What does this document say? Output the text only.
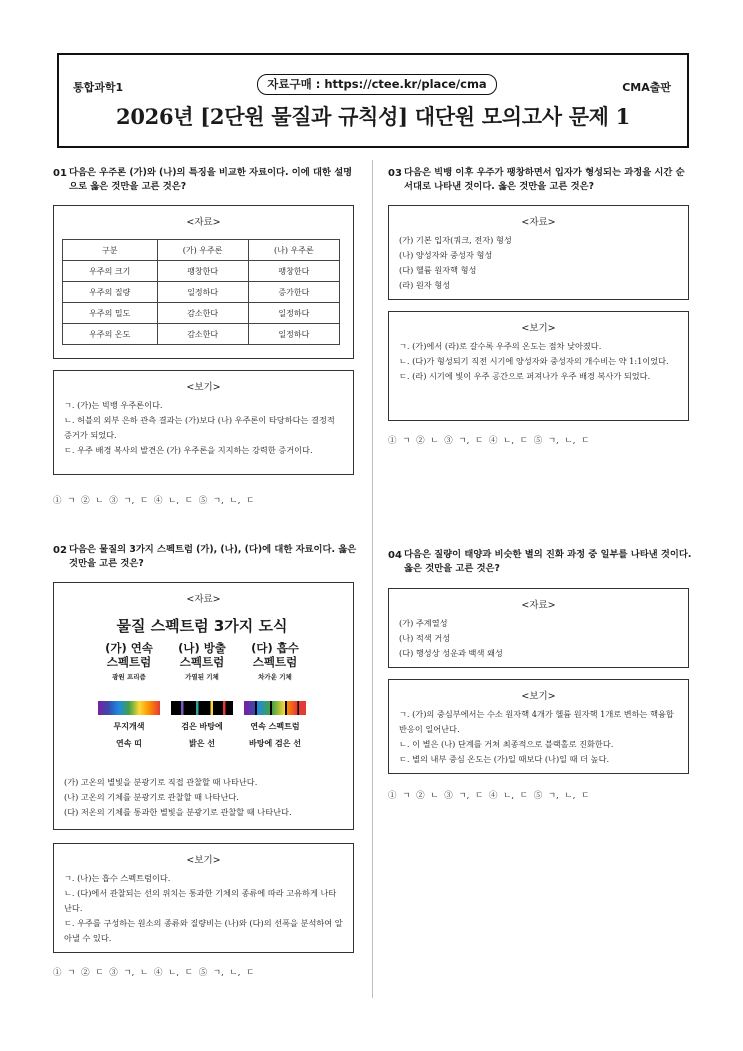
통합과학1	자료구매 : https://ctee.kr/place/cma	CMA출판
2026년 [2단원 물질과 규칙성] 대단원 모의고사 문제 1
01 다음은 우주론 (가)와 (나)의 특징을 비교한 자료이다. 이에 대한 설명으로 옳은 것만을 고른 것은?
<자료>
구분	(가) 우주론	(나) 우주론
우주의 크기	팽창한다	팽창한다
우주의 질량	일정하다	증가한다
우주의 밀도	감소한다	일정하다
우주의 온도	감소한다	일정하다
<보기>
ㄱ. (가)는 빅뱅 우주론이다.
ㄴ. 허블의 외부 은하 관측 결과는 (가)보다 (나) 우주론이 타당하다는 결정적 증거가 되었다.
ㄷ. 우주 배경 복사의 발견은 (가) 우주론을 지지하는 강력한 증거이다.
① ㄱ ② ㄴ ③ ㄱ, ㄷ ④ ㄴ, ㄷ ⑤ ㄱ, ㄴ, ㄷ
02 다음은 물질의 3가지 스펙트럼 (가), (나), (다)에 대한 자료이다. 옳은 것만을 고른 것은?
<자료>
물질 스펙트럼 3가지 도식
(가) 연속
스펙트럼
광원 프리즘
무지개색
연속 띠
(나) 방출
스펙트럼
가열된 기체
검은 바탕에
밝은 선
(다) 흡수
스펙트럼
차가운 기체
연속 스펙트럼
바탕에 검은 선
(가) 고온의 별빛을 분광기로 직접 관찰할 때 나타난다.
(나) 고온의 기체를 분광기로 관찰할 때 나타난다.
(다) 저온의 기체를 통과한 별빛을 분광기로 관찰할 때 나타난다.
<보기>
ㄱ. (나)는 흡수 스펙트럼이다.
ㄴ. (다)에서 관찰되는 선의 위치는 통과한 기체의 종류에 따라 고유하게 나타난다.
ㄷ. 우주를 구성하는 원소의 종류와 질량비는 (나)와 (다)의 선폭을 분석하여 알아낼 수 있다.
① ㄱ ② ㄷ ③ ㄱ, ㄴ ④ ㄴ, ㄷ ⑤ ㄱ, ㄴ, ㄷ
03 다음은 빅뱅 이후 우주가 팽창하면서 입자가 형성되는 과정을 시간 순서대로 나타낸 것이다. 옳은 것만을 고른 것은?
<자료>
(가) 기본 입자(쿼크, 전자) 형성
(나) 양성자와 중성자 형성
(다) 헬륨 원자핵 형성
(라) 원자 형성
<보기>
ㄱ. (가)에서 (라)로 갈수록 우주의 온도는 점차 낮아졌다.
ㄴ. (다)가 형성되기 직전 시기에 양성자와 중성자의 개수비는 약 1:1이었다.
ㄷ. (라) 시기에 빛이 우주 공간으로 퍼져나가 우주 배경 복사가 되었다.
① ㄱ ② ㄴ ③ ㄱ, ㄷ ④ ㄴ, ㄷ ⑤ ㄱ, ㄴ, ㄷ
04 다음은 질량이 태양과 비슷한 별의 진화 과정 중 일부를 나타낸 것이다. 옳은 것만을 고른 것은?
<자료>
(가) 주계열성
(나) 적색 거성
(다) 행성상 성운과 백색 왜성
<보기>
ㄱ. (가)의 중심부에서는 수소 원자핵 4개가 헬륨 원자핵 1개로 변하는 핵융합 반응이 일어난다.
ㄴ. 이 별은 (나) 단계를 거쳐 최종적으로 블랙홀로 진화한다.
ㄷ. 별의 내부 중심 온도는 (가)일 때보다 (나)일 때 더 높다.
① ㄱ ② ㄴ ③ ㄱ, ㄷ ④ ㄴ, ㄷ ⑤ ㄱ, ㄴ, ㄷ
